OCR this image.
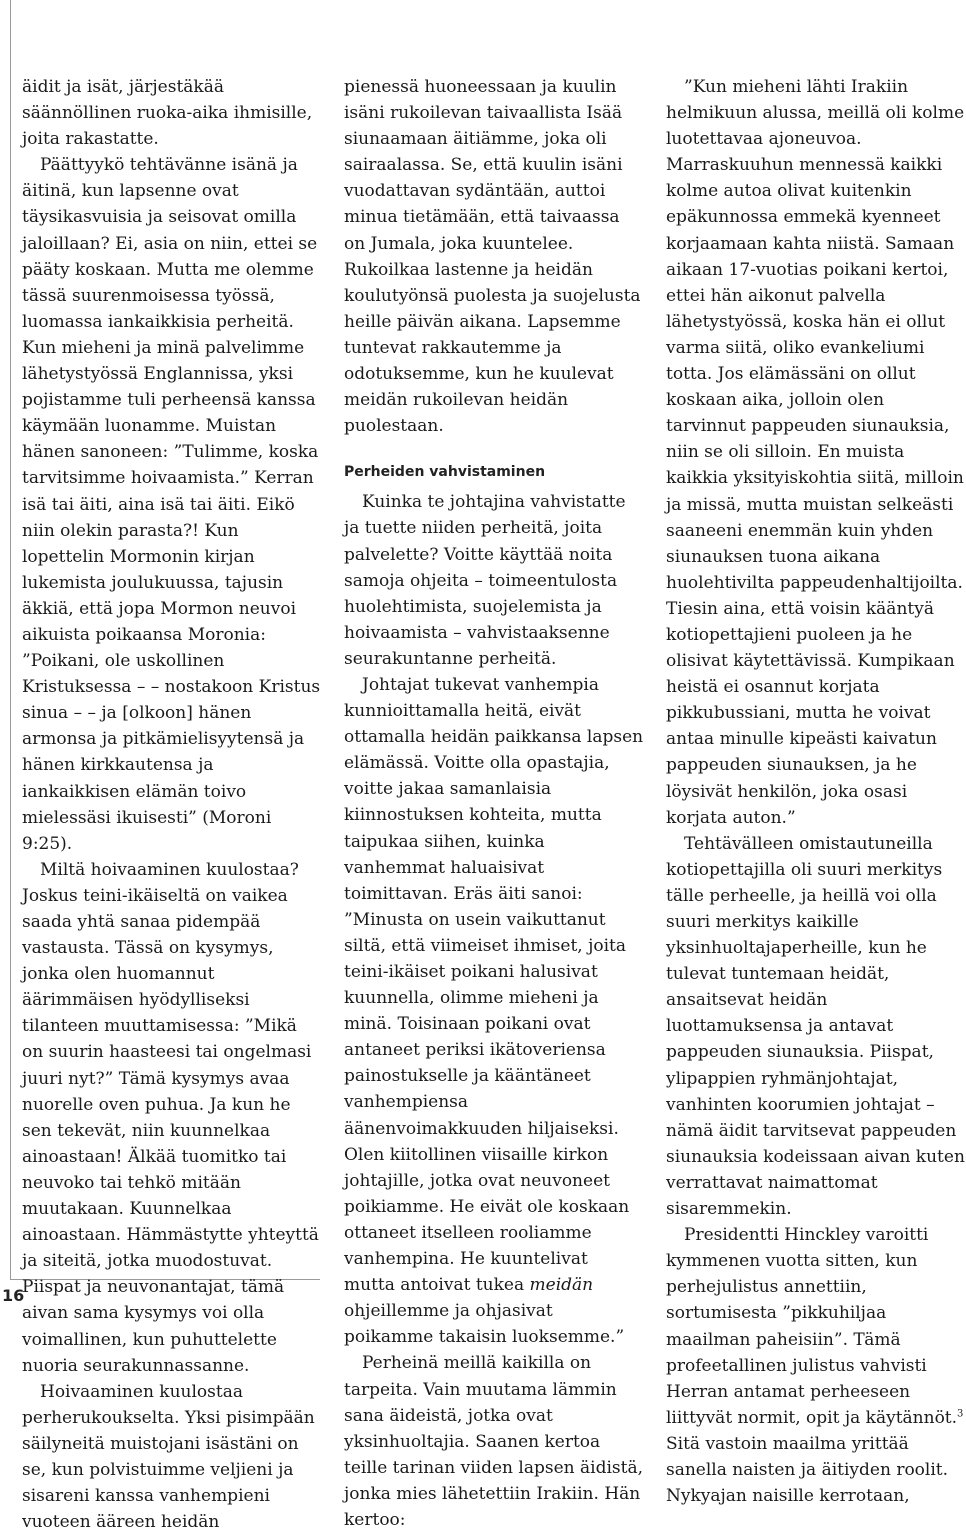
16

äidit ja isät, järjestäkää säännöllinen ruoka-aika ihmisille, joita rakastatte.

Päättyykö tehtävänne isänä ja äitinä, kun lapsenne ovat täysikasvuisia ja seisovat omilla jaloillaan? Ei, asia on niin, ettei se pääty koskaan. Mutta me olemme tässä suurenmoisessa työssä, luomassa iankaikkisia perheitä. Kun mieheni ja minä palvelimme lähetystyössä Englannissa, yksi pojistamme tuli perheensä kanssa käymään luonamme. Muistan hänen sanoneen: ”Tulimme, koska tarvitsimme hoivaamista.” Kerran isä tai äiti, aina isä tai äiti. Eikö niin olekin parasta?! Kun lopettelin Mormonin kirjan lukemista joulukuussa, tajusin äkkiä, että jopa Mormon neuvoi aikuista poikaansa Moronia: ”Poikani, ole uskollinen Kristuksessa – – nostakoon Kristus sinua – – ja [olkoon] hänen armonsa ja pitkämielisyytensä ja hänen kirkkautensa ja iankaikkisen elämän toivo mielessäsi ikuisesti” (Moroni 9:25).

Miltä hoivaaminen kuulostaa? Joskus teini-ikäiseltä on vaikea saada yhtä sanaa pidempää vastausta. Tässä on kysymys, jonka olen huomannut äärimmäisen hyödylliseksi tilanteen muuttamisessa: ”Mikä on suurin haasteesi tai ongelmasi juuri nyt?” Tämä kysymys avaa nuorelle oven puhua. Ja kun he sen tekevät, niin kuunnelkaa ainoastaan! Älkää tuomitko tai neuvoko tai tehkö mitään muutakaan. Kuunnelkaa ainoastaan. Hämmästytte yhteyttä ja siteitä, jotka muodostuvat. Piispat ja neuvonantajat, tämä aivan sama kysymys voi olla voimallinen, kun puhuttelette nuoria seurakunnassanne.

Hoivaaminen kuulostaa perherukoukselta. Yksi pisimpään säilyneitä muistojani isästäni on se, kun polvistuimme veljieni ja sisareni kanssa vanhempieni vuoteen ääreen heidän

pienessä huoneessaan ja kuulin isäni rukoilevan taivaallista Isää siunaamaan äitiämme, joka oli sairaalassa. Se, että kuulin isäni vuodattavan sydäntään, auttoi minua tietämään, että taivaassa on Jumala, joka kuuntelee. Rukoilkaa lastenne ja heidän koulutyönsä puolesta ja suojelusta heille päivän aikana. Lapsemme tuntevat rakkautemme ja odotuksemme, kun he kuulevat meidän rukoilevan heidän puolestaan.

Perheiden vahvistaminen

Kuinka te johtajina vahvistatte ja tuette niiden perheitä, joita palvelette? Voitte käyttää noita samoja ohjeita – toimeentulosta huolehtimista, suojelemista ja hoivaamista – vahvistaaksenne seurakuntanne perheitä.

Johtajat tukevat vanhempia kunnioittamalla heitä, eivät ottamalla heidän paikkansa lapsen elämässä. Voitte olla opastajia, voitte jakaa samanlaisia kiinnostuksen kohteita, mutta taipukaa siihen, kuinka vanhemmat haluaisivat toimittavan. Eräs äiti sanoi: ”Minusta on usein vaikuttanut siltä, että viimeiset ihmiset, joita teini-ikäiset poikani halusivat kuunnella, olimme mieheni ja minä. Toisinaan poikani ovat antaneet periksi ikätoveriensa painostukselle ja kääntäneet vanhempiensa äänenvoimakkuuden hiljaiseksi. Olen kiitollinen viisaille kirkon johtajille, jotka ovat neuvoneet poikiamme. He eivät ole koskaan ottaneet itselleen rooliamme vanhempina. He kuuntelivat mutta antoivat tukea meidän ohjeillemme ja ohjasivat poikamme takaisin luoksemme.”

Perheinä meillä kaikilla on tarpeita. Vain muutama lämmin sana äideistä, jotka ovat yksinhuoltajia. Saanen kertoa teille tarinan viiden lapsen äidistä, jonka mies lähetettiin Irakiin. Hän kertoo:

”Kun mieheni lähti Irakiin helmikuun alussa, meillä oli kolme luotettavaa ajoneuvoa. Marraskuuhun mennessä kaikki kolme autoa olivat kuitenkin epäkunnossa emmekä kyenneet korjaamaan kahta niistä. Samaan aikaan 17-vuotias poikani kertoi, ettei hän aikonut palvella lähetystyössä, koska hän ei ollut varma siitä, oliko evankeliumi totta. Jos elämässäni on ollut koskaan aika, jolloin olen tarvinnut pappeuden siunauksia, niin se oli silloin. En muista kaikkia yksityiskohtia siitä, milloin ja missä, mutta muistan selkeästi saaneeni enemmän kuin yhden siunauksen tuona aikana huolehtivilta pappeudenhaltijoilta. Tiesin aina, että voisin kääntyä kotiopettajieni puoleen ja he olisivat käytettävissä. Kumpikaan heistä ei osannut korjata pikkubussiani, mutta he voivat antaa minulle kipeästi kaivatun pappeuden siunauksen, ja he löysivät henkilön, joka osasi korjata auton.”

Tehtävälleen omistautuneilla kotiopettajilla oli suuri merkitys tälle perheelle, ja heillä voi olla suuri merkitys kaikille yksinhuoltajaperheille, kun he tulevat tuntemaan heidät, ansaitsevat heidän luottamuksensa ja antavat pappeuden siunauksia. Piispat, ylipappien ryhmänjohtajat, vanhinten koorumien johtajat – nämä äidit tarvitsevat pappeuden siunauksia kodeissaan aivan kuten verrattavat naimattomat sisaremmekin.

Presidentti Hinckley varoitti kymmenen vuotta sitten, kun perhejulistus annettiin, sortumisesta ”pikkuhiljaa maailman paheisiin”. Tämä profeetallinen julistus vahvisti Herran antamat perheeseen liittyvät normit, opit ja käytännöt.$^3$ Sitä vastoin maailma yrittää sanella naisten ja äitiyden roolit. Nykyajan naisille kerrotaan,
